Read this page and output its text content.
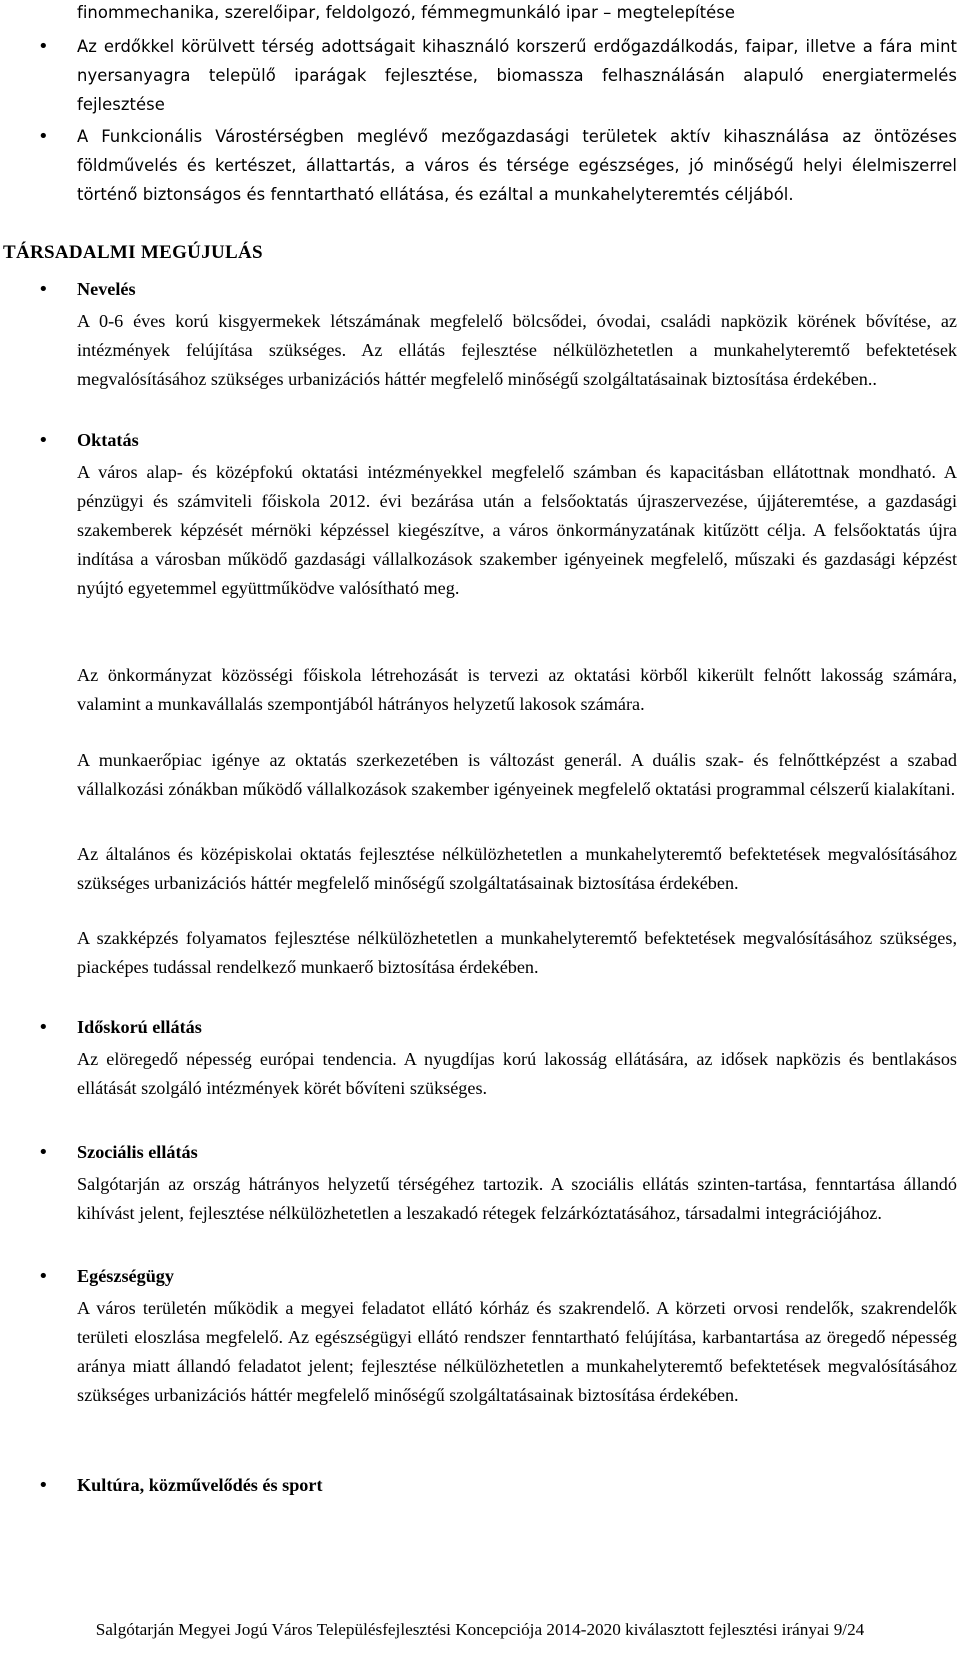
finommechanika, szerelőipar, feldolgozó, fémmegmunkáló ipar – megtelepítése
• Az erdőkkel körülvett térség adottságait kihasználó korszerű erdőgazdálkodás, faipar, illetve a fára mint nyersanyagra települő iparágak fejlesztése, biomassza felhasználásán alapuló energiatermelés fejlesztése

• A Funkcionális Várostérségben meglévő mezőgazdasági területek aktív kihasználása az öntözéses földművelés és kertészet, állattartás, a város és térsége egészséges, jó minőségű helyi élelmiszerrel történő biztonságos és fenntartható ellátása, és ezáltal a munkahelyteremtés céljából.

TÁRSADALMI MEGÚJULÁS
• Nevelés

A 0-6 éves korú kisgyermekek létszámának megfelelő bölcsődei, óvodai, családi napközik körének bővítése, az intézmények felújítása szükséges. Az ellátás fejlesztése nélkülözhetetlen a munkahelyteremtő befektetések megvalósításához szükséges urbanizációs háttér megfelelő minőségű szolgáltatásainak biztosítása érdekében..

• Oktatás

A város alap- és középfokú oktatási intézményekkel megfelelő számban és kapacitásban ellátottnak mondható. A pénzügyi és számviteli főiskola 2012. évi bezárása után a felsőoktatás újraszervezése, újjáteremtése, a gazdasági szakemberek képzését mérnöki képzéssel kiegészítve, a város önkormányzatának kitűzött célja. A felsőoktatás újra indítása a városban működő gazdasági vállalkozások szakember igényeinek megfelelő, műszaki és gazdasági képzést nyújtó egyetemmel együttműködve valósítható meg.

Az önkormányzat közösségi főiskola létrehozását is tervezi az oktatási körből kikerült felnőtt lakosság számára, valamint a munkavállalás szempontjából hátrányos helyzetű lakosok számára.

A munkaerőpiac igénye az oktatás szerkezetében is változást generál. A duális szak- és felnőttképzést a szabad vállalkozási zónákban működő vállalkozások szakember igényeinek megfelelő oktatási programmal célszerű kialakítani.

Az általános és középiskolai oktatás fejlesztése nélkülözhetetlen a munkahelyteremtő befektetések megvalósításához szükséges urbanizációs háttér megfelelő minőségű szolgáltatásainak biztosítása érdekében.

A szakképzés folyamatos fejlesztése nélkülözhetetlen a munkahelyteremtő befektetések megvalósításához szükséges, piacképes tudással rendelkező munkaerő biztosítása érdekében.

• Időskorú ellátás

Az elöregedő népesség európai tendencia. A nyugdíjas korú lakosság ellátására, az idősek napközis és bentlakásos ellátását szolgáló intézmények körét bővíteni szükséges.

• Szociális ellátás

Salgótarján az ország hátrányos helyzetű térségéhez tartozik. A szociális ellátás szinten-tartása, fenntartása állandó kihívást jelent, fejlesztése nélkülözhetetlen a leszakadó rétegek felzárkóztatásához, társadalmi integrációjához.

• Egészségügy

A város területén működik a megyei feladatot ellátó kórház és szakrendelő. A körzeti orvosi rendelők, szakrendelők területi eloszlása megfelelő. Az egészségügyi ellátó rendszer fenntartható felújítása, karbantartása az öregedő népesség aránya miatt állandó feladatot jelent; fejlesztése nélkülözhetetlen a munkahelyteremtő befektetések megvalósításához szükséges urbanizációs háttér megfelelő minőségű szolgáltatásainak biztosítása érdekében.

• Kultúra, közművelődés és sport
Salgótarján Megyei Jogú Város Településfejlesztési Koncepciója 2014-2020 kiválasztott fejlesztési irányai 9/24
